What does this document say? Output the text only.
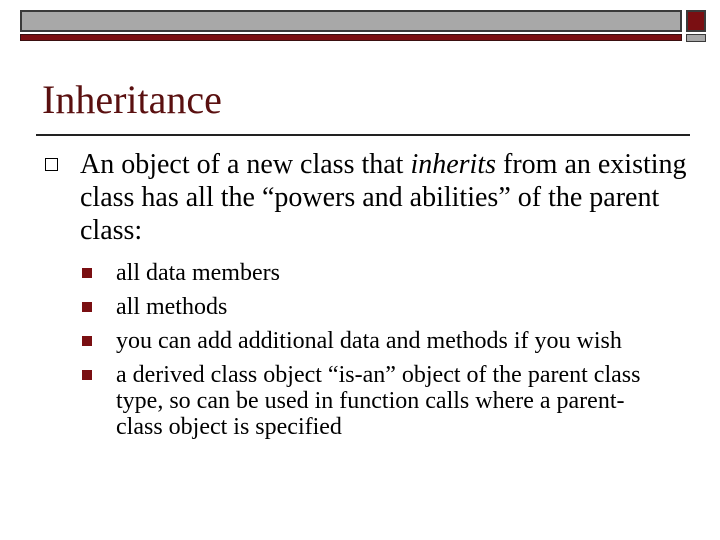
Inheritance
An object of a new class that inherits from an existing class has all the “powers and abilities” of the parent class:
all data members
all methods
you can add additional data and methods if you wish
a derived class object “is-an” object of the parent class type, so can be used in function calls where a parent-class object is specified
